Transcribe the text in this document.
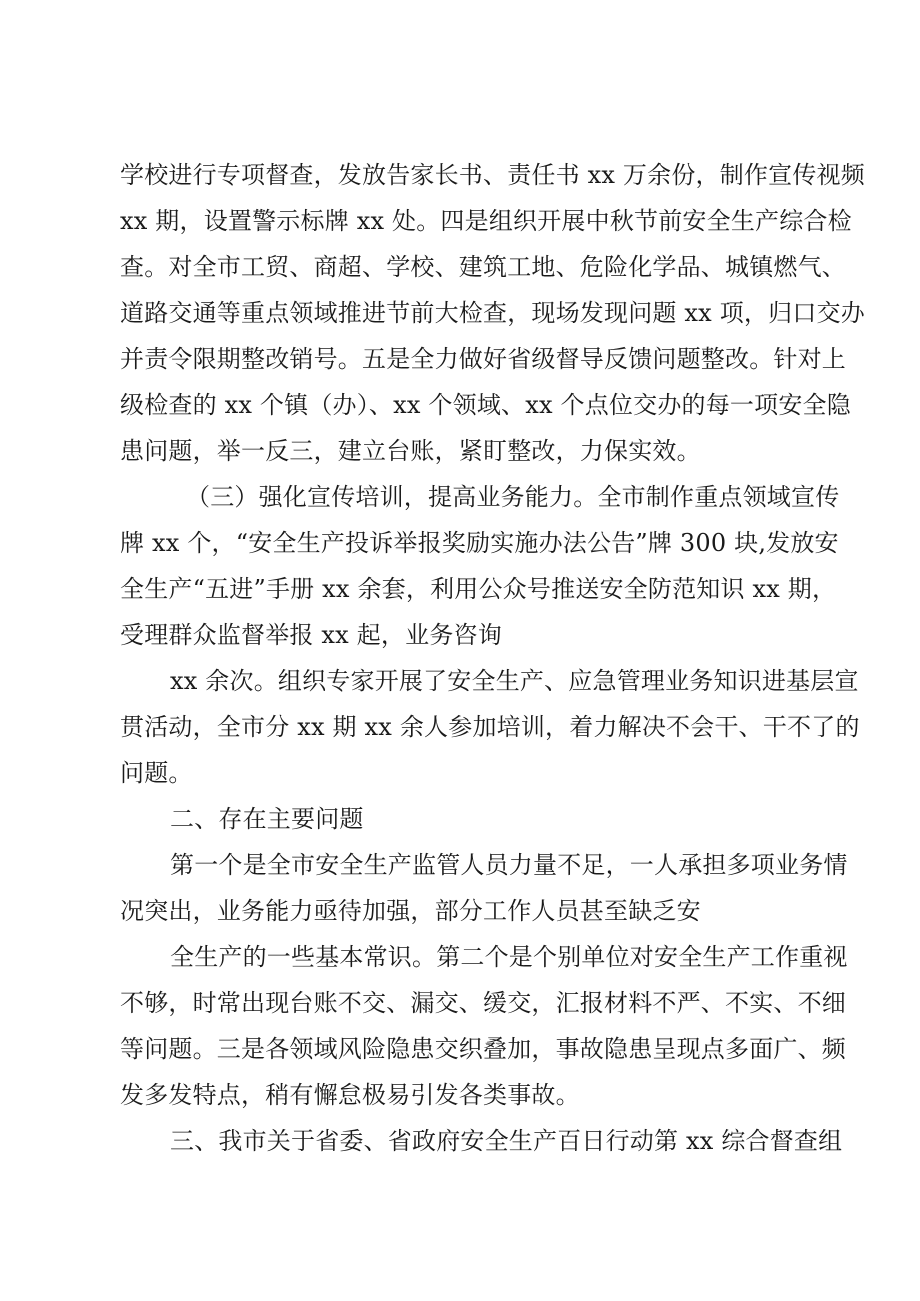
学校进行专项督查，发放告家长书、责任书 xx 万余份，制作宣传视频
xx 期，设置警示标牌 xx 处。四是组织开展中秋节前安全生产综合检
查。对全市工贸、商超、学校、建筑工地、危险化学品、城镇燃气、
道路交通等重点领域推进节前大检查，现场发现问题 xx 项，归口交办
并责令限期整改销号。五是全力做好省级督导反馈问题整改。针对上
级检查的 xx 个镇（办）、xx 个领域、xx 个点位交办的每一项安全隐
患问题，举一反三，建立台账，紧盯整改，力保实效。
（三）强化宣传培训，提高业务能力。全市制作重点领域宣传
牌 xx 个，“安全生产投诉举报奖励实施办法公告”牌 300 块,发放安
全生产“五进”手册 xx 余套，利用公众号推送安全防范知识 xx 期，
受理群众监督举报 xx 起，业务咨询
xx 余次。组织专家开展了安全生产、应急管理业务知识进基层宣
贯活动，全市分 xx 期 xx 余人参加培训，着力解决不会干、干不了的
问题。
二、存在主要问题
第一个是全市安全生产监管人员力量不足，一人承担多项业务情
况突出，业务能力亟待加强，部分工作人员甚至缺乏安
全生产的一些基本常识。第二个是个别单位对安全生产工作重视
不够，时常出现台账不交、漏交、缓交，汇报材料不严、不实、不细
等问题。三是各领域风险隐患交织叠加，事故隐患呈现点多面广、频
发多发特点，稍有懈怠极易引发各类事故。
三、我市关于省委、省政府安全生产百日行动第 xx 综合督查组
